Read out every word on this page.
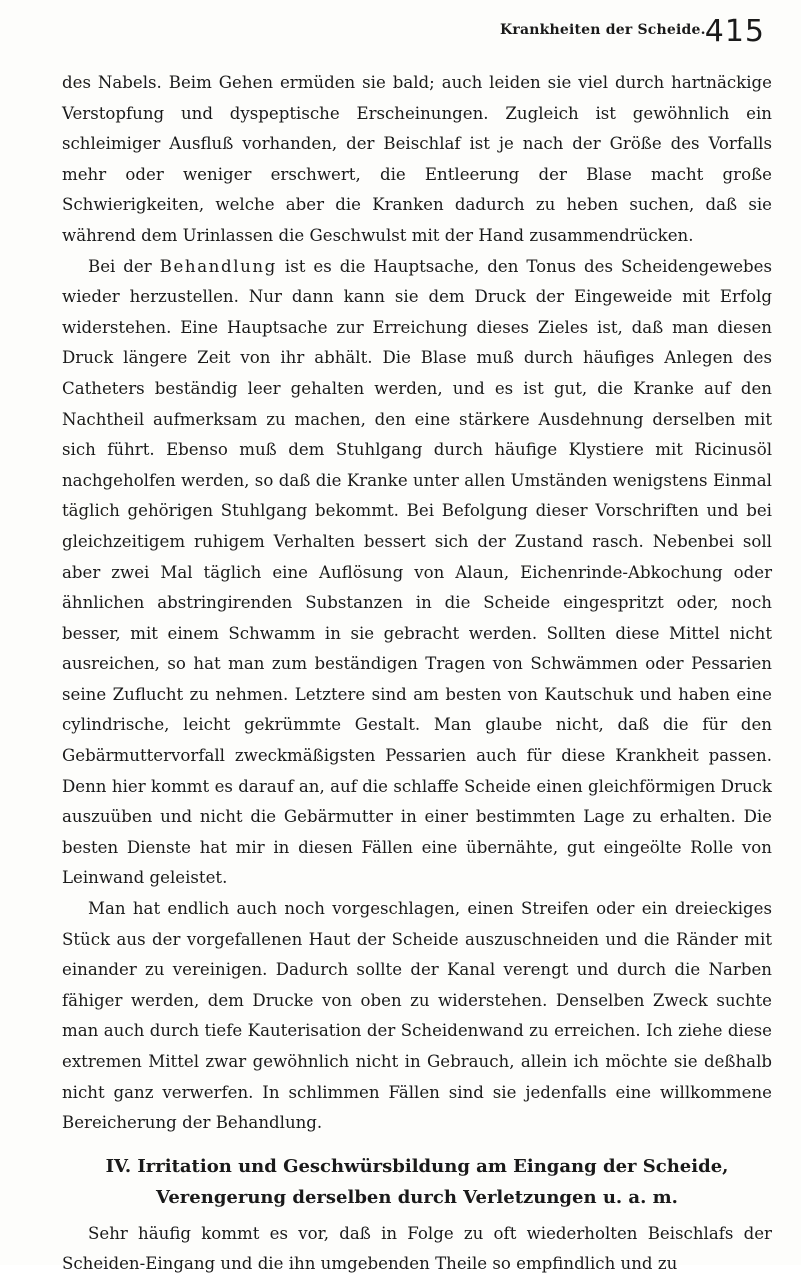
Krankheiten der Scheide. 415

des Nabels. Beim Gehen ermüden sie bald; auch leiden sie viel durch hartnäckige Verstopfung und dyspeptische Erscheinungen. Zugleich ist gewöhnlich ein schleimiger Ausfluß vorhanden, der Beischlaf ist je nach der Größe des Vorfalls mehr oder weniger erschwert, die Entleerung der Blase macht große Schwierigkeiten, welche aber die Kranken dadurch zu heben suchen, daß sie während dem Urinlassen die Geschwulst mit der Hand zusammendrücken.

Bei der Behandlung ist es die Hauptsache, den Tonus des Scheidengewebes wieder herzustellen. Nur dann kann sie dem Druck der Eingeweide mit Erfolg widerstehen. Eine Hauptsache zur Erreichung dieses Zieles ist, daß man diesen Druck längere Zeit von ihr abhält. Die Blase muß durch häufiges Anlegen des Catheters beständig leer gehalten werden, und es ist gut, die Kranke auf den Nachtheil aufmerksam zu machen, den eine stärkere Ausdehnung derselben mit sich führt. Ebenso muß dem Stuhlgang durch häufige Klystiere mit Ricinusöl nachgeholfen werden, so daß die Kranke unter allen Umständen wenigstens Einmal täglich gehörigen Stuhlgang bekommt. Bei Befolgung dieser Vorschriften und bei gleichzeitigem ruhigem Verhalten bessert sich der Zustand rasch. Nebenbei soll aber zwei Mal täglich eine Auflösung von Alaun, Eichenrinde-Abkochung oder ähnlichen abstringirenden Substanzen in die Scheide eingespritzt oder, noch besser, mit einem Schwamm in sie gebracht werden. Sollten diese Mittel nicht ausreichen, so hat man zum beständigen Tragen von Schwämmen oder Pessarien seine Zuflucht zu nehmen. Letztere sind am besten von Kautschuk und haben eine cylindrische, leicht gekrümmte Gestalt. Man glaube nicht, daß die für den Gebärmuttervorfall zweckmäßigsten Pessarien auch für diese Krankheit passen. Denn hier kommt es darauf an, auf die schlaffe Scheide einen gleichförmigen Druck auszuüben und nicht die Gebärmutter in einer bestimmten Lage zu erhalten. Die besten Dienste hat mir in diesen Fällen eine übernähte, gut eingeölte Rolle von Leinwand geleistet.

Man hat endlich auch noch vorgeschlagen, einen Streifen oder ein dreieckiges Stück aus der vorgefallenen Haut der Scheide auszuschneiden und die Ränder mit einander zu vereinigen. Dadurch sollte der Kanal verengt und durch die Narben fähiger werden, dem Drucke von oben zu widerstehen. Denselben Zweck suchte man auch durch tiefe Kauterisation der Scheidenwand zu erreichen. Ich ziehe diese extremen Mittel zwar gewöhnlich nicht in Gebrauch, allein ich möchte sie deßhalb nicht ganz verwerfen. In schlimmen Fällen sind sie jedenfalls eine willkommene Bereicherung der Behandlung.

IV. Irritation und Geschwürsbildung am Eingang der Scheide, Verengerung derselben durch Verletzungen u. a. m.

Sehr häufig kommt es vor, daß in Folge zu oft wiederholten Beischlafs der Scheiden-Eingang und die ihn umgebenden Theile so empfindlich und zu
